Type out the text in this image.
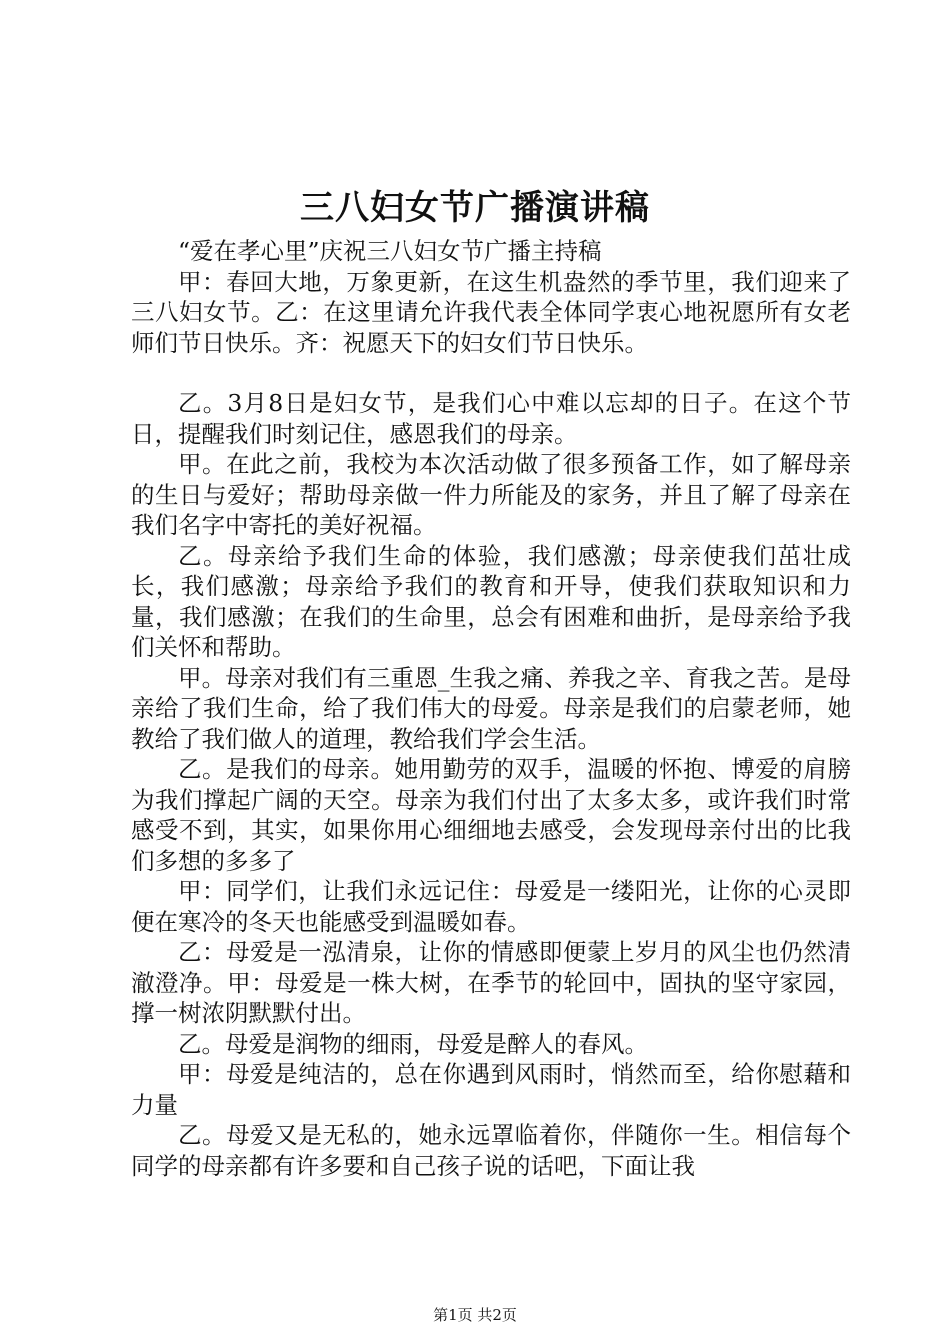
三八妇女节广播演讲稿

“爱在孝心里”庆祝三八妇女节广播主持稿

甲：春回大地，万象更新，在这生机盎然的季节里，我们迎来了三八妇女节。乙：在这里请允许我代表全体同学衷心地祝愿所有女老师们节日快乐。齐：祝愿天下的妇女们节日快乐。

乙。3月8日是妇女节，是我们心中难以忘却的日子。在这个节日，提醒我们时刻记住，感恩我们的母亲。

甲。在此之前，我校为本次活动做了很多预备工作，如了解母亲的生日与爱好；帮助母亲做一件力所能及的家务，并且了解了母亲在我们名字中寄托的美好祝福。

乙。母亲给予我们生命的体验，我们感激；母亲使我们茁壮成长，我们感激；母亲给予我们的教育和开导，使我们获取知识和力量，我们感激；在我们的生命里，总会有困难和曲折，是母亲给予我们关怀和帮助。

甲。母亲对我们有三重恩_生我之痛、养我之辛、育我之苦。是母亲给了我们生命，给了我们伟大的母爱。母亲是我们的启蒙老师，她教给了我们做人的道理，教给我们学会生活。

乙。是我们的母亲。她用勤劳的双手，温暖的怀抱、博爱的肩膀为我们撑起广阔的天空。母亲为我们付出了太多太多，或许我们时常感受不到，其实，如果你用心细细地去感受，会发现母亲付出的比我们多想的多多了

甲：同学们，让我们永远记住：母爱是一缕阳光，让你的心灵即便在寒冷的冬天也能感受到温暖如春。

乙：母爱是一泓清泉，让你的情感即便蒙上岁月的风尘也仍然清澈澄净。甲：母爱是一株大树，在季节的轮回中，固执的坚守家园，撑一树浓阴默默付出。

乙。母爱是润物的细雨，母爱是醉人的春风。

甲：母爱是纯洁的，总在你遇到风雨时，悄然而至，给你慰藉和力量

乙。母爱又是无私的，她永远罩临着你，伴随你一生。相信每个同学的母亲都有许多要和自己孩子说的话吧，下面让我

第1页 共2页
